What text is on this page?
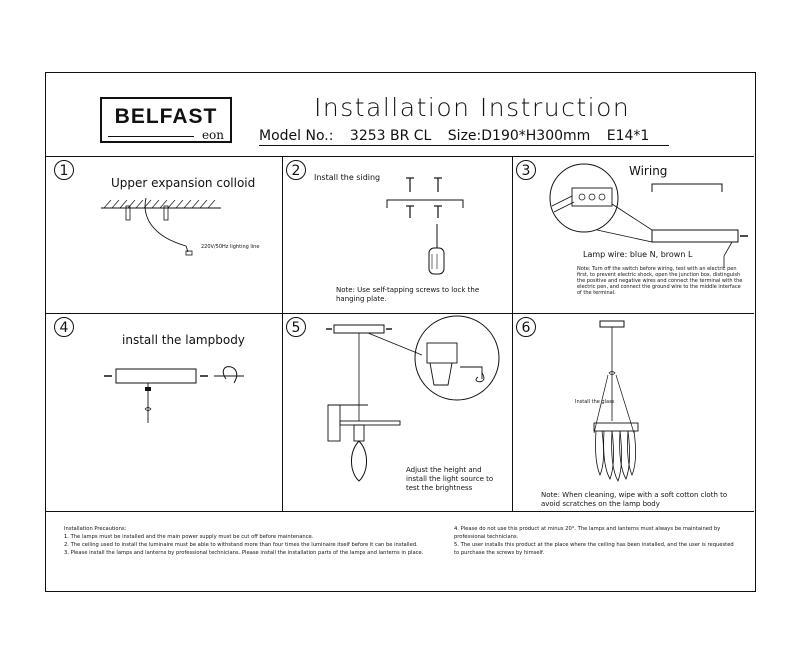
BELFAST
eon
Installation Instruction
Model No.: 3253 BR CL Size:D190*H300mm E14*1
1
Upper expansion colloid
220V/50Hz lighting line
2	Install the siding
Note: Use self-tapping screws to lock the hanging plate.
3	Wiring
Lamp wire: blue N, brown L
Note: Turn off the switch before wiring, test with an electric pen first, to prevent electric shock, open the junction box, distinguish the positive and negative wires and connect the terminal with the electric pen, and connect the ground wire to the middle interface of the terminal.
4
install the lampbody
5
Adjust the height and install the light source to test the brightness
6
Install the glass
Note: When cleaning, wipe with a soft cotton cloth to avoid scratches on the lamp body
Installation Precautions:
1. The lamps must be installed and the main power supply must be cut off before maintenance.
2. The ceiling used to install the luminaire must be able to withstand more than four times the luminaire itself before it can be installed.
3. Please install the lamps and lanterns by professional technicians. Please install the installation parts of the lamps and lanterns in place.
4. Please do not use this product at minus 20°. The lamps and lanterns must always be maintained by professional technicians.
5. The user installs this product at the place where the ceiling has been installed, and the user is requested to purchase the screws by himself.
